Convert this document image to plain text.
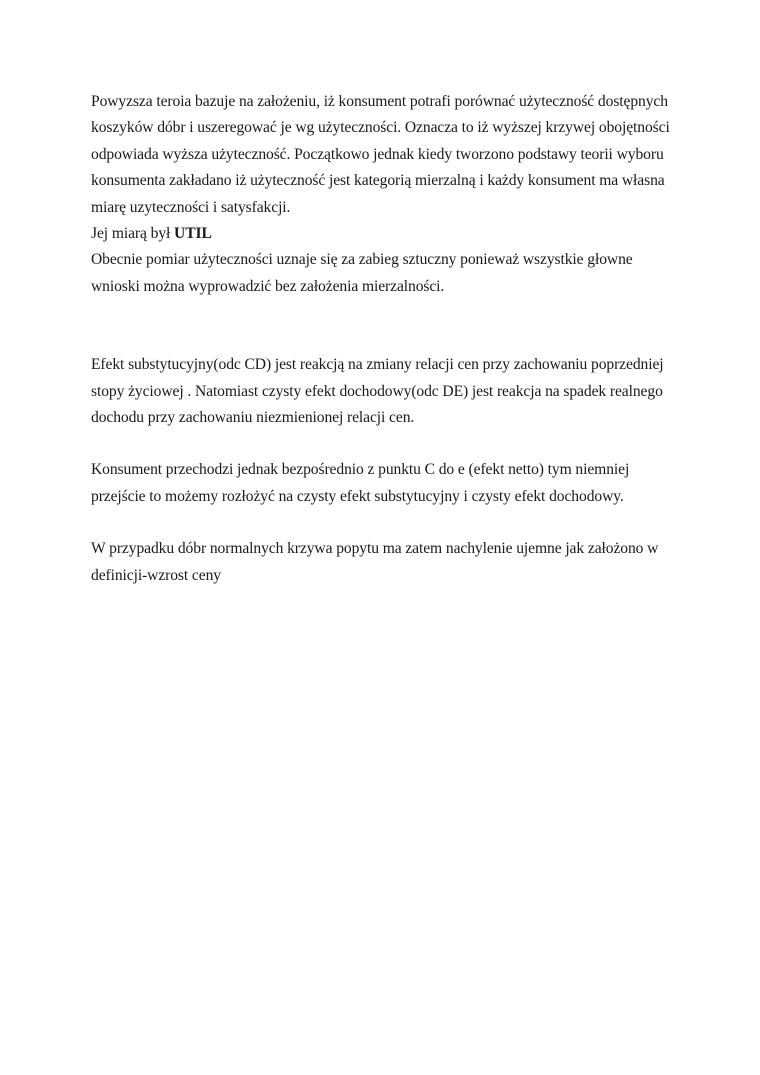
Powyzsza teroia bazuje na założeniu, iż konsument potrafi porównać użyteczność dostępnych
koszyków dóbr i uszeregować je wg użyteczności. Oznacza to iż wyższej krzywej obojętności
odpowiada wyższa użyteczność. Początkowo jednak kiedy tworzono podstawy teorii wyboru
konsumenta zakładano iż użyteczność jest kategorią mierzalną i każdy konsument ma własna
miarę uzyteczności i satysfakcji.
Jej miarą był UTIL
Obecnie pomiar użyteczności uznaje się za zabieg sztuczny ponieważ wszystkie głowne
wnioski można wyprowadzić bez założenia mierzalności.
Efekt substytucyjny(odc CD) jest reakcją na zmiany relacji cen przy zachowaniu poprzedniej
stopy życiowej . Natomiast czysty efekt dochodowy(odc DE) jest reakcja na spadek realnego
dochodu przy zachowaniu niezmienionej relacji cen.
Konsument przechodzi jednak bezpośrednio z punktu C do e (efekt netto) tym niemniej
przejście to możemy rozłożyć na czysty efekt substytucyjny i czysty efekt dochodowy.
W przypadku dóbr normalnych krzywa popytu ma zatem nachylenie ujemne jak założono w
definicji-wzrost ceny
